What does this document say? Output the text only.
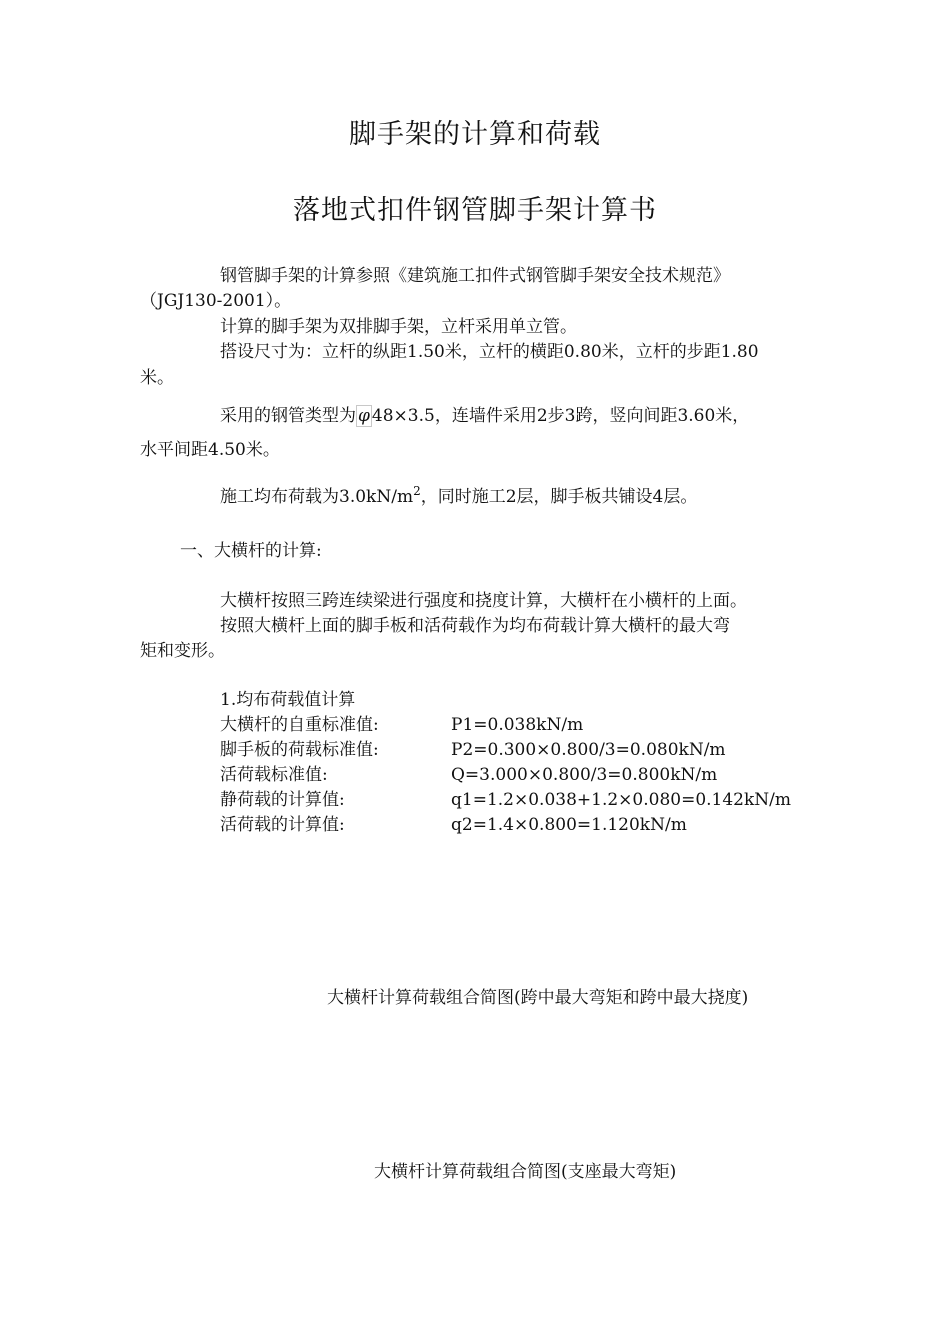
脚手架的计算和荷载
落地式扣件钢管脚手架计算书
钢管脚手架的计算参照《建筑施工扣件式钢管脚手架安全技术规范》
（JGJ130-2001）。
计算的脚手架为双排脚手架，立杆采用单立管。
搭设尺寸为：立杆的纵距1.50米，立杆的横距0.80米，立杆的步距1.80
米。
采用的钢管类型为 φ 48×3.5，连墙件采用2步3跨，竖向间距3.60米，
水平间距4.50米。
施工均布荷载为$3.0kN/m^2$，同时施工2层，脚手板共铺设4层。
一、大横杆的计算:
大横杆按照三跨连续梁进行强度和挠度计算，大横杆在小横杆的上面。
按照大横杆上面的脚手板和活荷载作为均布荷载计算大横杆的最大弯
矩和变形。
1.均布荷载值计算
大横杆的自重标准值:	P1=0.038kN/m
脚手板的荷载标准值:	P2=0.300×0.800/3=0.080kN/m
活荷载标准值:	Q=3.000×0.800/3=0.800kN/m
静荷载的计算值:	q1=1.2×0.038+1.2×0.080=0.142kN/m
活荷载的计算值:	q2=1.4×0.800=1.120kN/m
大横杆计算荷载组合简图(跨中最大弯矩和跨中最大挠度)
大横杆计算荷载组合简图(支座最大弯矩)
